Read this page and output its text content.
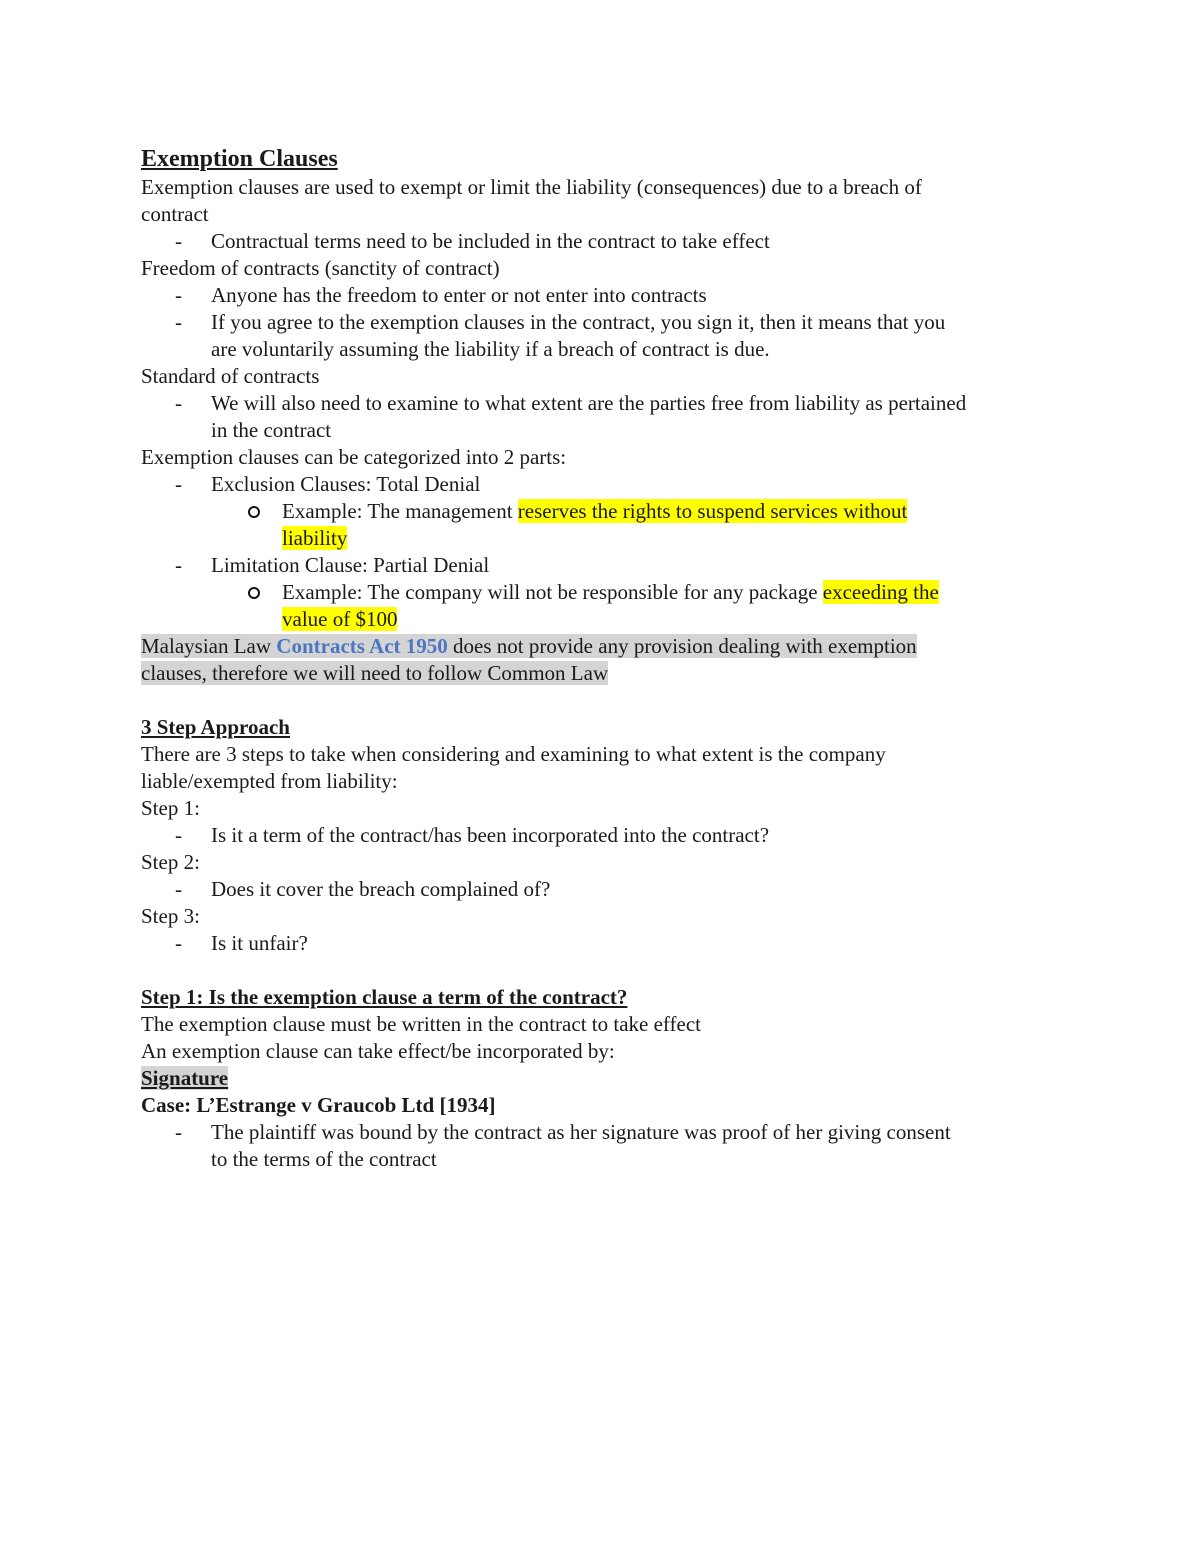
Exemption Clauses
Exemption clauses are used to exempt or limit the liability (consequences) due to a breach of
contract
- Contractual terms need to be included in the contract to take effect
Freedom of contracts (sanctity of contract)
- Anyone has the freedom to enter or not enter into contracts
- If you agree to the exemption clauses in the contract, you sign it, then it means that you
are voluntarily assuming the liability if a breach of contract is due.
Standard of contracts
- We will also need to examine to what extent are the parties free from liability as pertained
in the contract
Exemption clauses can be categorized into 2 parts:
- Exclusion Clauses: Total Denial
Example: The management reserves the rights to suspend services without
liability
- Limitation Clause: Partial Denial
Example: The company will not be responsible for any package exceeding the
value of $100
Malaysian Law Contracts Act 1950 does not provide any provision dealing with exemption
clauses, therefore we will need to follow Common Law
3 Step Approach
There are 3 steps to take when considering and examining to what extent is the company
liable/exempted from liability:
Step 1:
- Is it a term of the contract/has been incorporated into the contract?
Step 2:
- Does it cover the breach complained of?
Step 3:
- Is it unfair?
Step 1: Is the exemption clause a term of the contract?
The exemption clause must be written in the contract to take effect
An exemption clause can take effect/be incorporated by:
Signature
Case: L’Estrange v Graucob Ltd [1934]
- The plaintiff was bound by the contract as her signature was proof of her giving consent
to the terms of the contract
